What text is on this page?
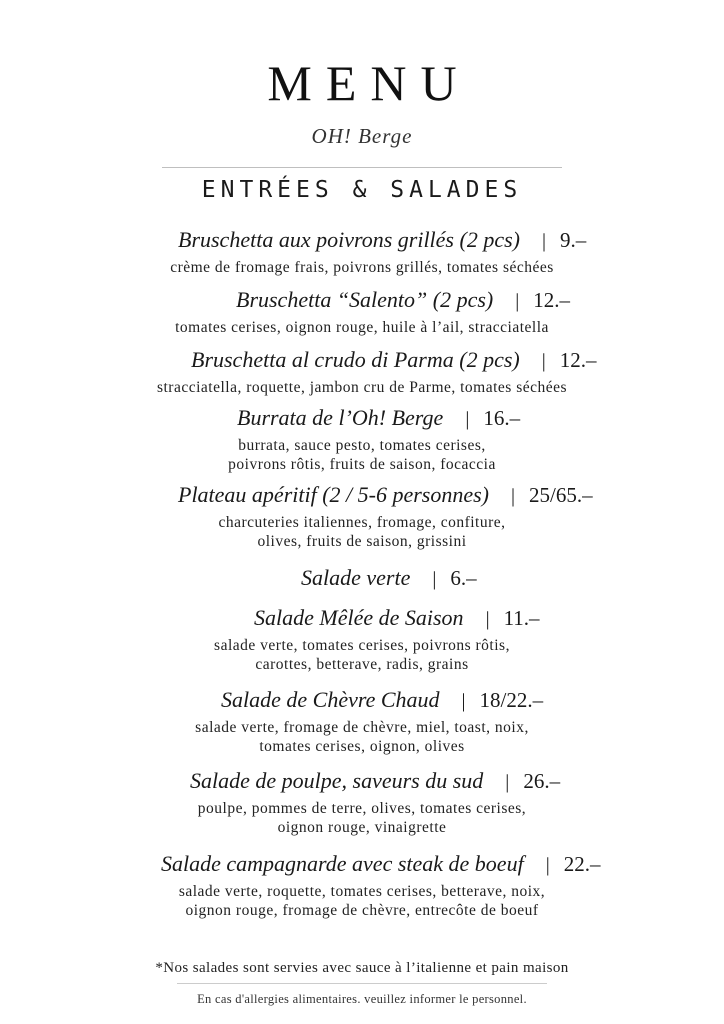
MENU
OH! Berge
ENTRÉES & SALADES
Bruschetta aux poivrons grillés (2 pcs) | 9.–
crème de fromage frais, poivrons grillés, tomates séchées
Bruschetta “Salento” (2 pcs) | 12.–
tomates cerises, oignon rouge, huile à l’ail, stracciatella
Bruschetta al crudo di Parma (2 pcs) | 12.–
stracciatella, roquette, jambon cru de Parme, tomates séchées
Burrata de l’Oh! Berge | 16.–
burrata, sauce pesto, tomates cerises,
poivrons rôtis, fruits de saison, focaccia
Plateau apéritif (2 / 5-6 personnes) | 25/65.–
charcuteries italiennes, fromage, confiture,
olives, fruits de saison, grissini
Salade verte | 6.–
Salade Mêlée de Saison | 11.–
salade verte, tomates cerises, poivrons rôtis,
carottes, betterave, radis, grains
Salade de Chèvre Chaud | 18/22.–
salade verte, fromage de chèvre, miel, toast, noix,
tomates cerises, oignon, olives
Salade de poulpe, saveurs du sud | 26.–
poulpe, pommes de terre, olives, tomates cerises,
oignon rouge, vinaigrette
Salade campagnarde avec steak de boeuf | 22.–
salade verte, roquette, tomates cerises, betterave, noix,
oignon rouge, fromage de chèvre, entrecôte de boeuf
*Nos salades sont servies avec sauce à l’italienne et pain maison
En cas d'allergies alimentaires. veuillez informer le personnel.
